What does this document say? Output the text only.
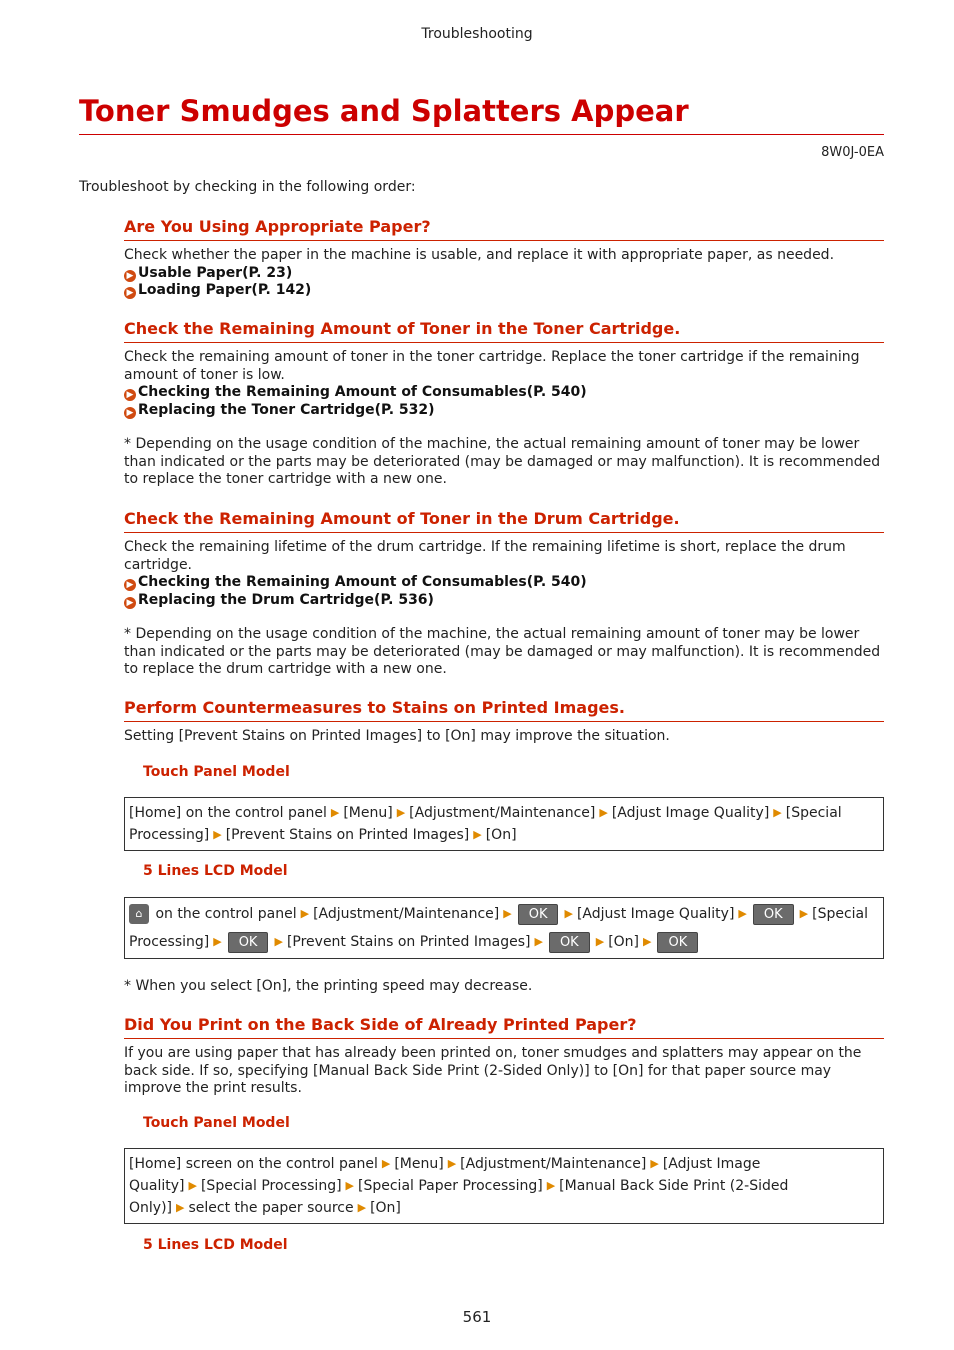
Troubleshooting
Toner Smudges and Splatters Appear
8W0J-0EA
Troubleshoot by checking in the following order:
Are You Using Appropriate Paper?
Check whether the paper in the machine is usable, and replace it with appropriate paper, as needed.
▶ Usable Paper(P. 23)
▶ Loading Paper(P. 142)
Check the Remaining Amount of Toner in the Toner Cartridge.
Check the remaining amount of toner in the toner cartridge. Replace the toner cartridge if the remaining amount of toner is low.
▶ Checking the Remaining Amount of Consumables(P. 540)
▶ Replacing the Toner Cartridge(P. 532)
* Depending on the usage condition of the machine, the actual remaining amount of toner may be lower than indicated or the parts may be deteriorated (may be damaged or may malfunction). It is recommended to replace the toner cartridge with a new one.
Check the Remaining Amount of Toner in the Drum Cartridge.
Check the remaining lifetime of the drum cartridge. If the remaining lifetime is short, replace the drum cartridge.
▶ Checking the Remaining Amount of Consumables(P. 540)
▶ Replacing the Drum Cartridge(P. 536)
* Depending on the usage condition of the machine, the actual remaining amount of toner may be lower than indicated or the parts may be deteriorated (may be damaged or may malfunction). It is recommended to replace the drum cartridge with a new one.
Perform Countermeasures to Stains on Printed Images.
Setting [Prevent Stains on Printed Images] to [On] may improve the situation.
Touch Panel Model
[Home] on the control panel ▶ [Menu] ▶ [Adjustment/Maintenance] ▶ [Adjust Image Quality] ▶ [Special Processing] ▶ [Prevent Stains on Printed Images] ▶ [On]
5 Lines LCD Model
⌂ on the control panel ▶ [Adjustment/Maintenance] ▶ OK ▶ [Adjust Image Quality] ▶ OK ▶ [Special Processing] ▶ OK ▶ [Prevent Stains on Printed Images] ▶ OK ▶ [On] ▶ OK
* When you select [On], the printing speed may decrease.
Did You Print on the Back Side of Already Printed Paper?
If you are using paper that has already been printed on, toner smudges and splatters may appear on the back side. If so, specifying [Manual Back Side Print (2-Sided Only)] to [On] for that paper source may improve the print results.
Touch Panel Model
[Home] screen on the control panel ▶ [Menu] ▶ [Adjustment/Maintenance] ▶ [Adjust Image Quality] ▶ [Special Processing] ▶ [Special Paper Processing] ▶ [Manual Back Side Print (2-Sided Only)] ▶ select the paper source ▶ [On]
5 Lines LCD Model
561
